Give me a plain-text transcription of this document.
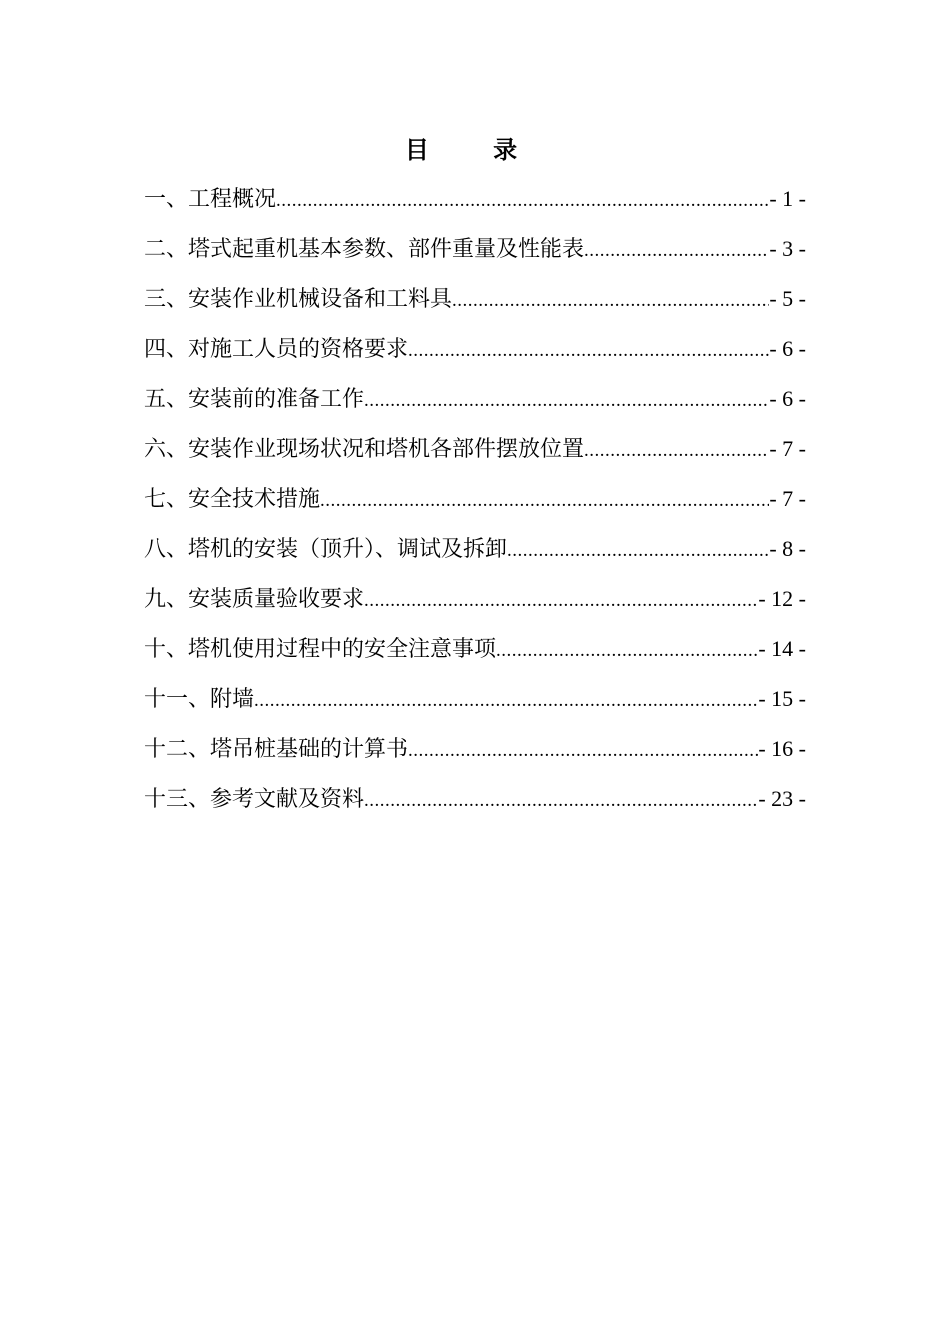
目 录
一、工程概况 .....	- 1 -
二、塔式起重机基本参数、部件重量及性能表 .....	- 3 -
三、安装作业机械设备和工料具 .....	- 5 -
四、对施工人员的资格要求 .....	- 6 -
五、安装前的准备工作 .....	- 6 -
六、安装作业现场状况和塔机各部件摆放位置 .....	- 7 -
七、安全技术措施 .....	- 7 -
八、塔机的安装（顶升）、调试及拆卸 .....	- 8 -
九、安装质量验收要求 .....	- 12 -
十、塔机使用过程中的安全注意事项 .....	- 14 -
十一、附墙 .....	- 15 -
十二、塔吊桩基础的计算书 .....	- 16 -
十三、参考文献及资料 .....	- 23 -
